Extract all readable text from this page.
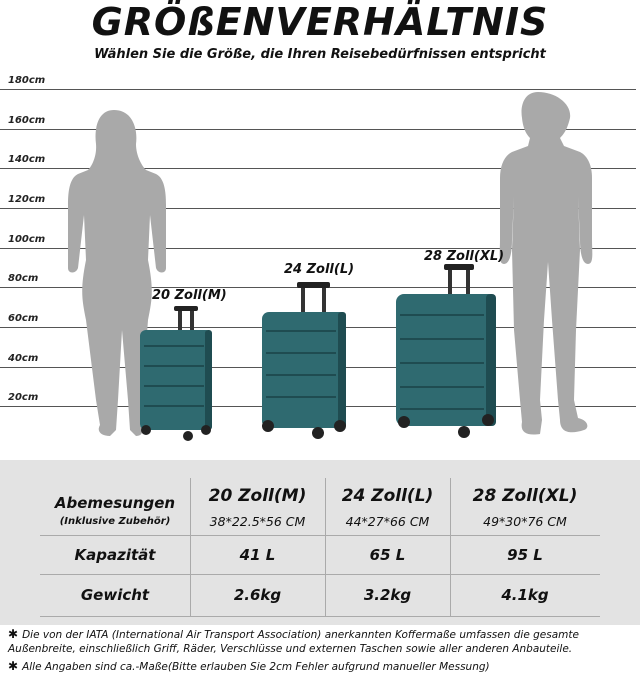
GRÖßENVERHÄLTNIS
Wählen Sie die Größe, die Ihren Reisebedürfnissen entspricht
180cm
160cm
140cm
120cm
100cm
80cm
60cm
40cm
20cm
20 Zoll(M)
24 Zoll(L)
28 Zoll(XL)
Abemesungen
(Inklusive Zubehör)
Kapazität
Gewicht
20 Zoll(M)
38*22.5*56 CM
41 L
2.6kg
24 Zoll(L)
44*27*66 CM
65 L
3.2kg
28 Zoll(XL)
49*30*76 CM
95 L
4.1kg
✱ Die von der IATA (International Air Transport Association) anerkannten Koffermaße umfassen die gesamte Außenbreite, einschließlich Griff, Räder, Verschlüsse und externen Taschen sowie aller anderen Anbauteile.
✱ Alle Angaben sind ca.-Maße(Bitte erlauben Sie 2cm Fehler aufgrund manueller Messung)
